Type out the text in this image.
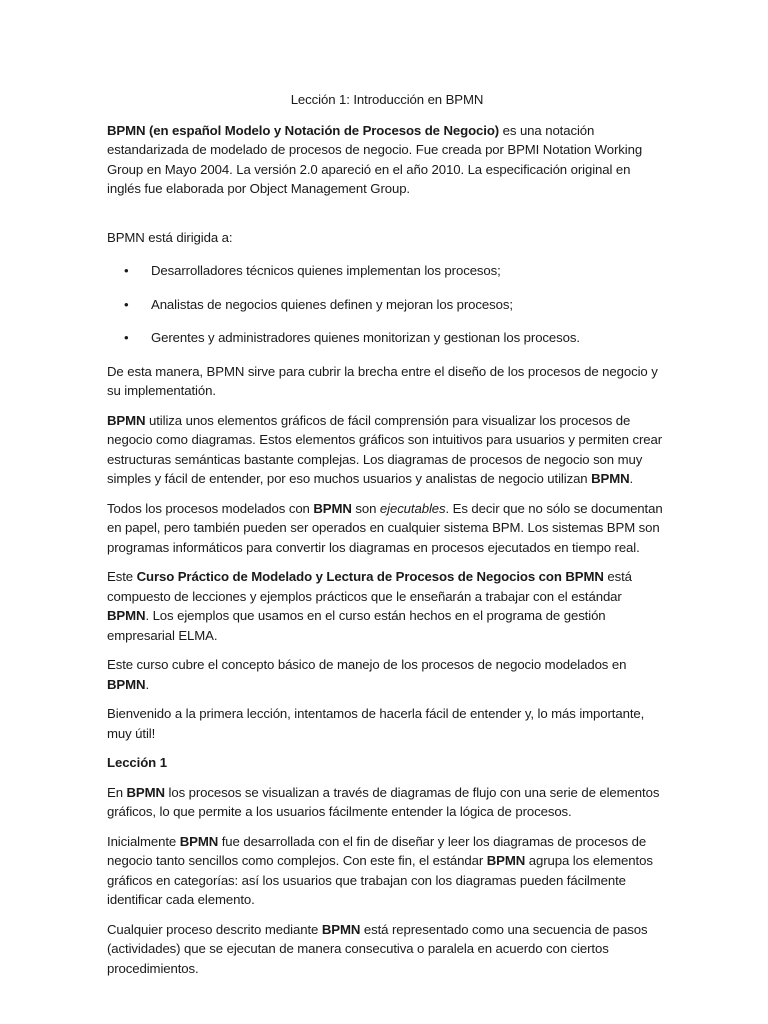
Lección 1: Introducción en BPMN

BPMN (en español Modelo y Notación de Procesos de Negocio) es una notación estandarizada de modelado de procesos de negocio. Fue creada por BPMI Notation Working Group en Mayo 2004. La versión 2.0 apareció en el año 2010. La especificación original en inglés fue elaborada por Object Management Group.

BPMN está dirigida a:

• Desarrolladores técnicos quienes implementan los procesos;
• Analistas de negocios quienes definen y mejoran los procesos;
• Gerentes y administradores quienes monitorizan y gestionan los procesos.

De esta manera, BPMN sirve para cubrir la brecha entre el diseño de los procesos de negocio y su implementatión.

BPMN utiliza unos elementos gráficos de fácil comprensión para visualizar los procesos de negocio como diagramas. Estos elementos gráficos son intuitivos para usuarios y permiten crear estructuras semánticas bastante complejas. Los diagramas de procesos de negocio son muy simples y fácil de entender, por eso muchos usuarios y analistas de negocio utilizan BPMN.

Todos los procesos modelados con BPMN son ejecutables. Es decir que no sólo se documentan en papel, pero también pueden ser operados en cualquier sistema BPM. Los sistemas BPM son programas informáticos para convertir los diagramas en procesos ejecutados en tiempo real.

Este Curso Práctico de Modelado y Lectura de Procesos de Negocios con BPMN está compuesto de lecciones y ejemplos prácticos que le enseñarán a trabajar con el estándar BPMN. Los ejemplos que usamos en el curso están hechos en el programa de gestión empresarial ELMA.

Este curso cubre el concepto básico de manejo de los procesos de negocio modelados en BPMN.

Bienvenido a la primera lección, intentamos de hacerla fácil de entender y, lo más importante, muy útil!

Lección 1

En BPMN los procesos se visualizan a través de diagramas de flujo con una serie de elementos gráficos, lo que permite a los usuarios fácilmente entender la lógica de procesos.

Inicialmente BPMN fue desarrollada con el fin de diseñar y leer los diagramas de procesos de negocio tanto sencillos como complejos. Con este fin, el estándar BPMN agrupa los elementos gráficos en categorías: así los usuarios que trabajan con los diagramas pueden fácilmente identificar cada elemento.

Cualquier proceso descrito mediante BPMN está representado como una secuencia de pasos (actividades) que se ejecutan de manera consecutiva o paralela en acuerdo con ciertos procedimientos.
